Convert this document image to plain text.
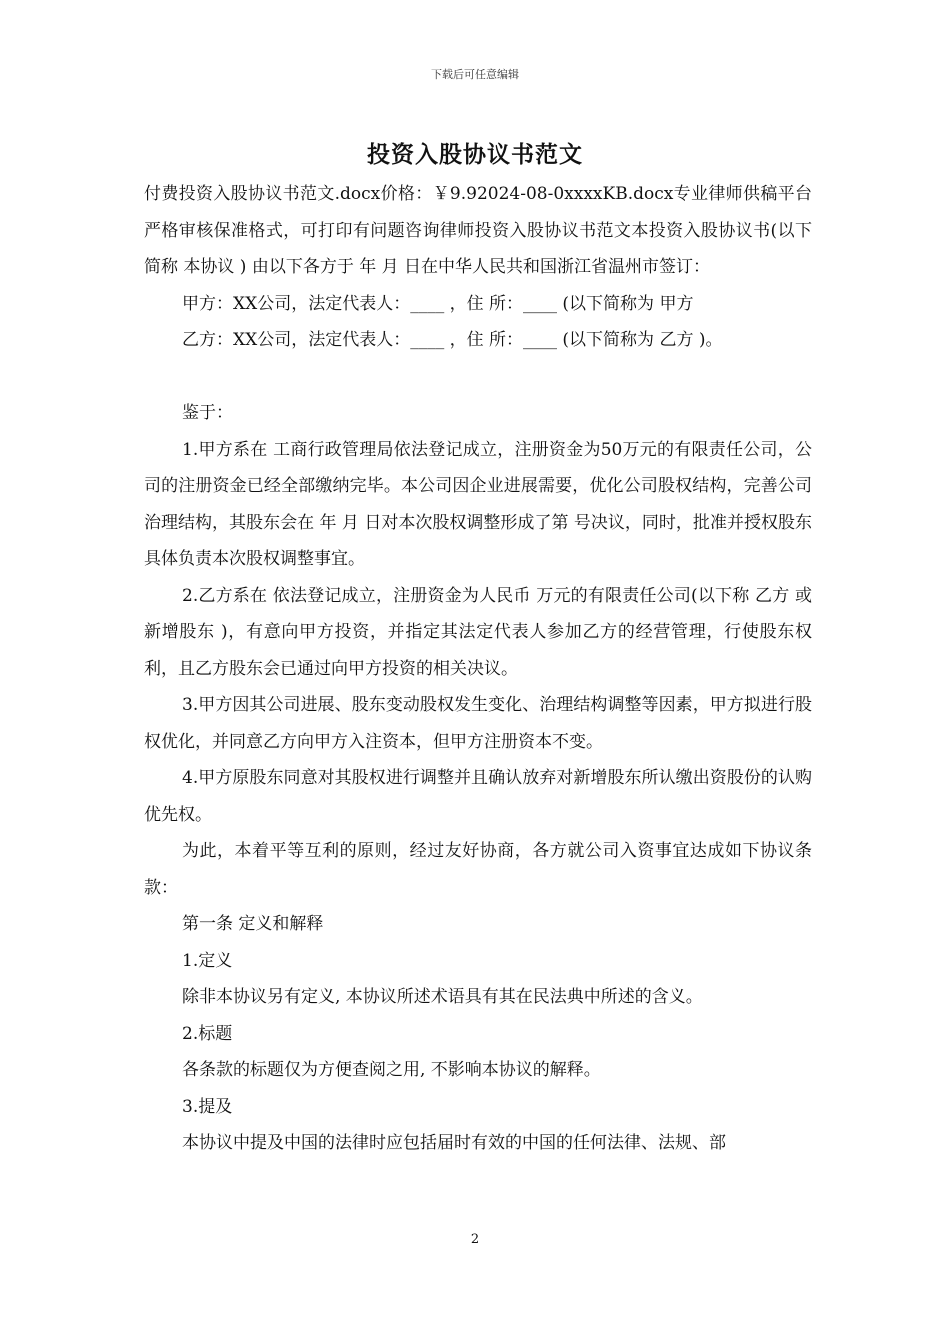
下载后可任意编辑
投资入股协议书范文

付费投资入股协议书范文.docx价格：￥9.92024-08-0xxxxKB.docx专业律师供稿平台严格审核保准格式，可打印有问题咨询律师投资入股协议书范文本投资入股协议书(以下简称 本协议 ) 由以下各方于 年 月 日在中华人民共和国浙江省温州市签订：

甲方：XX公司，法定代表人：____ ，住 所：____ (以下简称为 甲方

乙方：XX公司，法定代表人：____ ，住 所：____ (以下简称为 乙方 )。

鉴于：

1.甲方系在 工商行政管理局依法登记成立，注册资金为50万元的有限责任公司，公司的注册资金已经全部缴纳完毕。本公司因企业进展需要，优化公司股权结构，完善公司治理结构，其股东会在 年 月 日对本次股权调整形成了第 号决议，同时，批准并授权股东 具体负责本次股权调整事宜。

2.乙方系在 依法登记成立，注册资金为人民币 万元的有限责任公司(以下称 乙方 或 新增股东 )，有意向甲方投资，并指定其法定代表人参加乙方的经营管理，行使股东权利，且乙方股东会已通过向甲方投资的相关决议。

3.甲方因其公司进展、股东变动股权发生变化、治理结构调整等因素，甲方拟进行股权优化，并同意乙方向甲方入注资本，但甲方注册资本不变。

4.甲方原股东同意对其股权进行调整并且确认放弃对新增股东所认缴出资股份的认购优先权。

为此，本着平等互利的原则，经过友好协商，各方就公司入资事宜达成如下协议条款：

第一条 定义和解释

1.定义

除非本协议另有定义, 本协议所述术语具有其在民法典中所述的含义。

2.标题

各条款的标题仅为方便查阅之用, 不影响本协议的解释。

3.提及

本协议中提及中国的法律时应包括届时有效的中国的任何法律、法规、部

2
